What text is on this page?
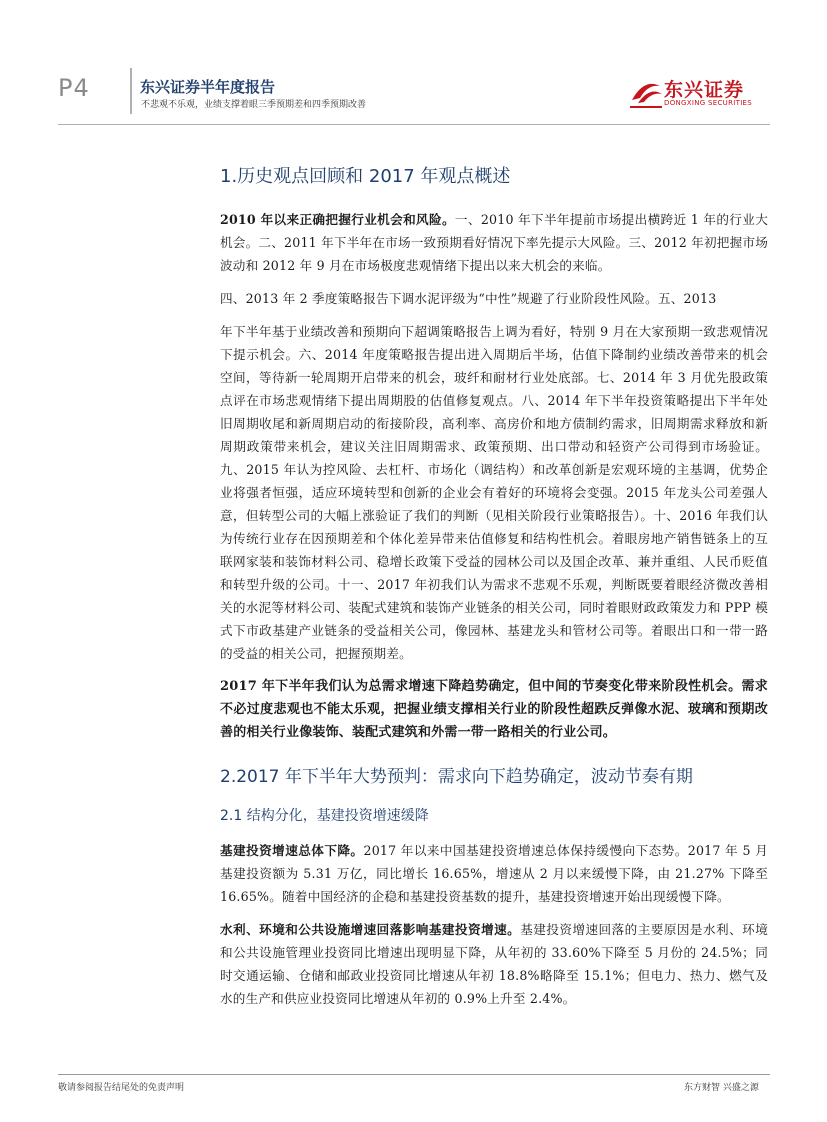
P4	东兴证券半年度报告
不悲观不乐观，业绩支撑着眼三季预期差和四季预期改善
东兴证券
DONGXING SECURITIES
1.历史观点回顾和 2017 年观点概述

2010 年以来正确把握行业机会和风险。一、2010 年下半年提前市场提出横跨近 1 年的行业大机会。二、2011 年下半年在市场一致预期看好情况下率先提示大风险。三、2012 年初把握市场波动和 2012 年 9 月在市场极度悲观情绪下提出以来大机会的来临。

四、2013 年 2 季度策略报告下调水泥评级为“中性”规避了行业阶段性风险。五、2013

年下半年基于业绩改善和预期向下超调策略报告上调为看好，特别 9 月在大家预期一致悲观情况下提示机会。六、2014 年度策略报告提出进入周期后半场，估值下降制约业绩改善带来的机会空间，等待新一轮周期开启带来的机会，玻纤和耐材行业处底部。七、2014 年 3 月优先股政策点评在市场悲观情绪下提出周期股的估值修复观点。八、2014 年下半年投资策略提出下半年处旧周期收尾和新周期启动的衔接阶段，高利率、高房价和地方债制约需求，旧周期需求释放和新周期政策带来机会，建议关注旧周期需求、政策预期、出口带动和轻资产公司得到市场验证。九、2015 年认为控风险、去杠杆、市场化（调结构）和改革创新是宏观环境的主基调，优势企业将强者恒强，适应环境转型和创新的企业会有着好的环境将会变强。2015 年龙头公司差强人意，但转型公司的大幅上涨验证了我们的判断（见相关阶段行业策略报告）。十、2016 年我们认为传统行业存在因预期差和个体化差异带来估值修复和结构性机会。着眼房地产销售链条上的互联网家装和装饰材料公司、稳增长政策下受益的园林公司以及国企改革、兼并重组、人民币贬值和转型升级的公司。十一、2017 年初我们认为需求不悲观不乐观，判断既要着眼经济微改善相关的水泥等材料公司、装配式建筑和装饰产业链条的相关公司，同时着眼财政政策发力和 PPP 模式下市政基建产业链条的受益相关公司，像园林、基建龙头和管材公司等。着眼出口和一带一路的受益的相关公司，把握预期差。

2017 年下半年我们认为总需求增速下降趋势确定，但中间的节奏变化带来阶段性机会。需求不必过度悲观也不能太乐观，把握业绩支撑相关行业的阶段性超跌反弹像水泥、玻璃和预期改善的相关行业像装饰、装配式建筑和外需一带一路相关的行业公司。

2.2017 年下半年大势预判：需求向下趋势确定，波动节奏有期
2.1 结构分化，基建投资增速缓降

基建投资增速总体下降。2017 年以来中国基建投资增速总体保持缓慢向下态势。2017 年 5 月基建投资额为 5.31 万亿，同比增长 16.65%，增速从 2 月以来缓慢下降，由 21.27% 下降至 16.65%。随着中国经济的企稳和基建投资基数的提升，基建投资增速开始出现缓慢下降。

水利、环境和公共设施增速回落影响基建投资增速。基建投资增速回落的主要原因是水利、环境和公共设施管理业投资同比增速出现明显下降，从年初的 33.60%下降至 5 月份的 24.5%；同时交通运输、仓储和邮政业投资同比增速从年初 18.8%略降至 15.1%；但电力、热力、燃气及水的生产和供应业投资同比增速从年初的 0.9%上升至 2.4%。

敬请参阅报告结尾处的免责声明	东方财智 兴盛之源
